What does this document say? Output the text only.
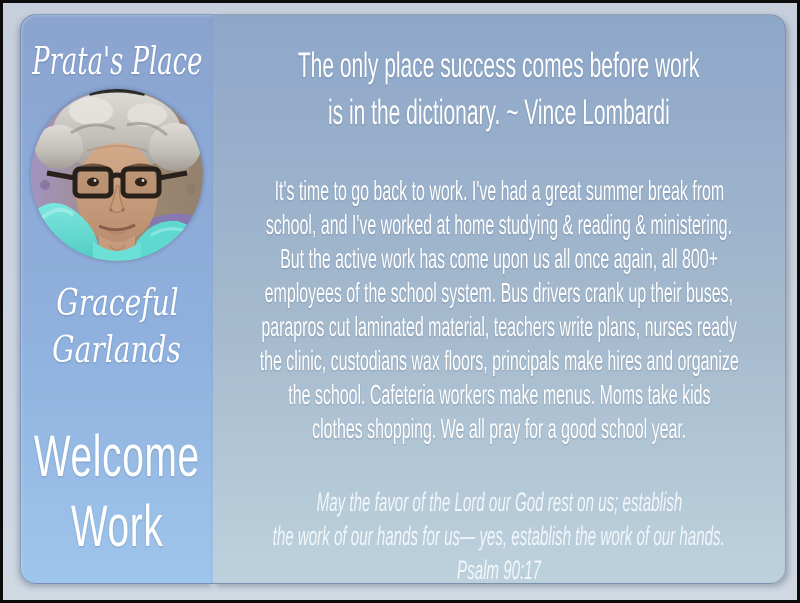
Prata's Place
Graceful
Garlands
Welcome
Work
The only place success comes before work
is in the dictionary. ~ Vince Lombardi
It's time to go back to work. I've had a great summer break from
school, and I've worked at home studying & reading & ministering.
But the active work has come upon us all once again, all 800+
employees of the school system. Bus drivers crank up their buses,
parapros cut laminated material, teachers write plans, nurses ready
the clinic, custodians wax floors, principals make hires and organize
the school. Cafeteria workers make menus. Moms take kids
clothes shopping. We all pray for a good school year.
May the favor of the Lord our God rest on us; establish
the work of our hands for us— yes, establish the work of our hands.
Psalm 90:17
